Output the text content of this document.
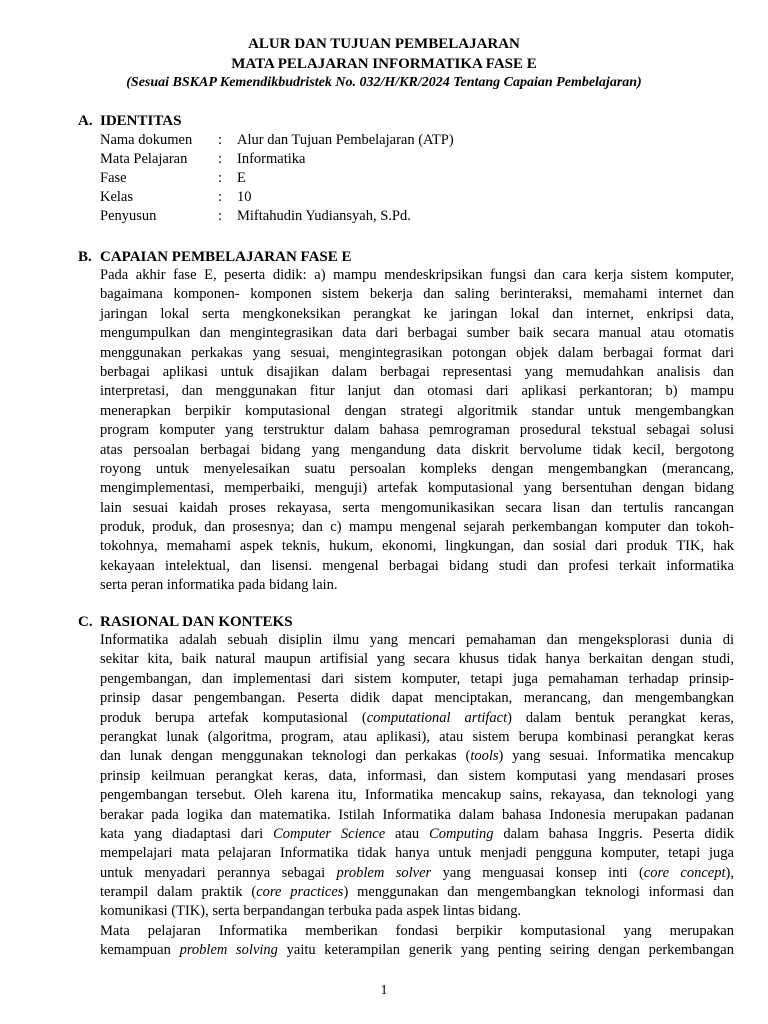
ALUR DAN TUJUAN PEMBELAJARAN
MATA PELAJARAN INFORMATIKA FASE E
(Sesuai BSKAP Kemendikbudristek No. 032/H/KR/2024 Tentang Capaian Pembelajaran)
A. IDENTITAS
Nama dokumen : Alur dan Tujuan Pembelajaran (ATP)
Mata Pelajaran : Informatika
Fase	: E
Kelas	: 10
Penyusun	: Miftahudin Yudiansyah, S.Pd.
B. CAPAIAN PEMBELAJARAN FASE E
Pada akhir fase E, peserta didik: a) mampu mendeskripsikan fungsi dan cara kerja sistem komputer,
bagaimana komponen- komponen sistem bekerja dan saling berinteraksi, memahami internet dan
jaringan lokal serta mengkoneksikan perangkat ke jaringan lokal dan internet, enkripsi data,
mengumpulkan dan mengintegrasikan data dari berbagai sumber baik secara manual atau otomatis
menggunakan perkakas yang sesuai, mengintegrasikan potongan objek dalam berbagai format dari
berbagai aplikasi untuk disajikan dalam berbagai representasi yang memudahkan analisis dan
interpretasi, dan menggunakan fitur lanjut dan otomasi dari aplikasi perkantoran; b) mampu
menerapkan berpikir komputasional dengan strategi algoritmik standar untuk mengembangkan
program komputer yang terstruktur dalam bahasa pemrograman prosedural tekstual sebagai solusi
atas persoalan berbagai bidang yang mengandung data diskrit bervolume tidak kecil, bergotong
royong untuk menyelesaikan suatu persoalan kompleks dengan mengembangkan (merancang,
mengimplementasi, memperbaiki, menguji) artefak komputasional yang bersentuhan dengan bidang
lain sesuai kaidah proses rekayasa, serta mengomunikasikan secara lisan dan tertulis rancangan
produk, produk, dan prosesnya; dan c) mampu mengenal sejarah perkembangan komputer dan tokoh-
tokohnya, memahami aspek teknis, hukum, ekonomi, lingkungan, dan sosial dari produk TIK, hak
kekayaan intelektual, dan lisensi. mengenal berbagai bidang studi dan profesi terkait informatika
serta peran informatika pada bidang lain.
C. RASIONAL DAN KONTEKS
Informatika adalah sebuah disiplin ilmu yang mencari pemahaman dan mengeksplorasi dunia di
sekitar kita, baik natural maupun artifisial yang secara khusus tidak hanya berkaitan dengan studi,
pengembangan, dan implementasi dari sistem komputer, tetapi juga pemahaman terhadap prinsip-
prinsip dasar pengembangan. Peserta didik dapat menciptakan, merancang, dan mengembangkan
produk berupa artefak komputasional (computational artifact) dalam bentuk perangkat keras,
perangkat lunak (algoritma, program, atau aplikasi), atau sistem berupa kombinasi perangkat keras
dan lunak dengan menggunakan teknologi dan perkakas (tools) yang sesuai. Informatika mencakup
prinsip keilmuan perangkat keras, data, informasi, dan sistem komputasi yang mendasari proses
pengembangan tersebut. Oleh karena itu, Informatika mencakup sains, rekayasa, dan teknologi yang
berakar pada logika dan matematika. Istilah Informatika dalam bahasa Indonesia merupakan padanan
kata yang diadaptasi dari Computer Science atau Computing dalam bahasa Inggris. Peserta didik
mempelajari mata pelajaran Informatika tidak hanya untuk menjadi pengguna komputer, tetapi juga
untuk menyadari perannya sebagai problem solver yang menguasai konsep inti (core concept),
terampil dalam praktik (core practices) menggunakan dan mengembangkan teknologi informasi dan
komunikasi (TIK), serta berpandangan terbuka pada aspek lintas bidang.
Mata pelajaran Informatika memberikan fondasi berpikir komputasional yang merupakan
kemampuan problem solving yaitu keterampilan generik yang penting seiring dengan perkembangan
1
